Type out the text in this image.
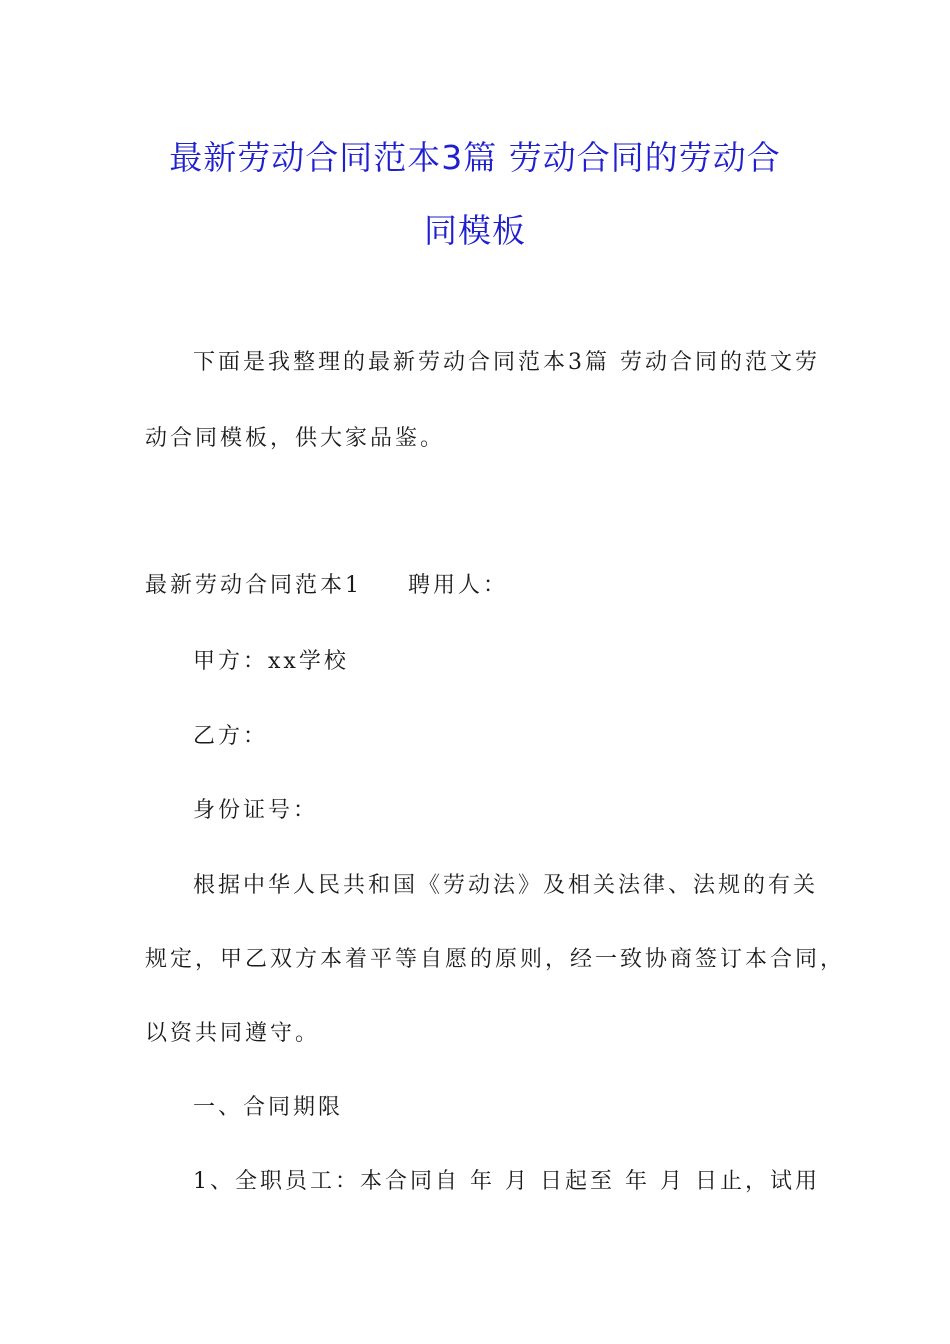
最新劳动合同范本3篇 劳动合同的劳动合
同模板

下面是我整理的最新劳动合同范本3篇 劳动合同的范文劳

动合同模板，供大家品鉴。

最新劳动合同范本1 聘用人：

甲方：xx学校

乙方：

身份证号：

根据中华人民共和国《劳动法》及相关法律、法规的有关

规定，甲乙双方本着平等自愿的原则，经一致协商签订本合同，

以资共同遵守。

一、合同期限

1、全职员工：本合同自 年 月 日起至 年 月 日止，试用
